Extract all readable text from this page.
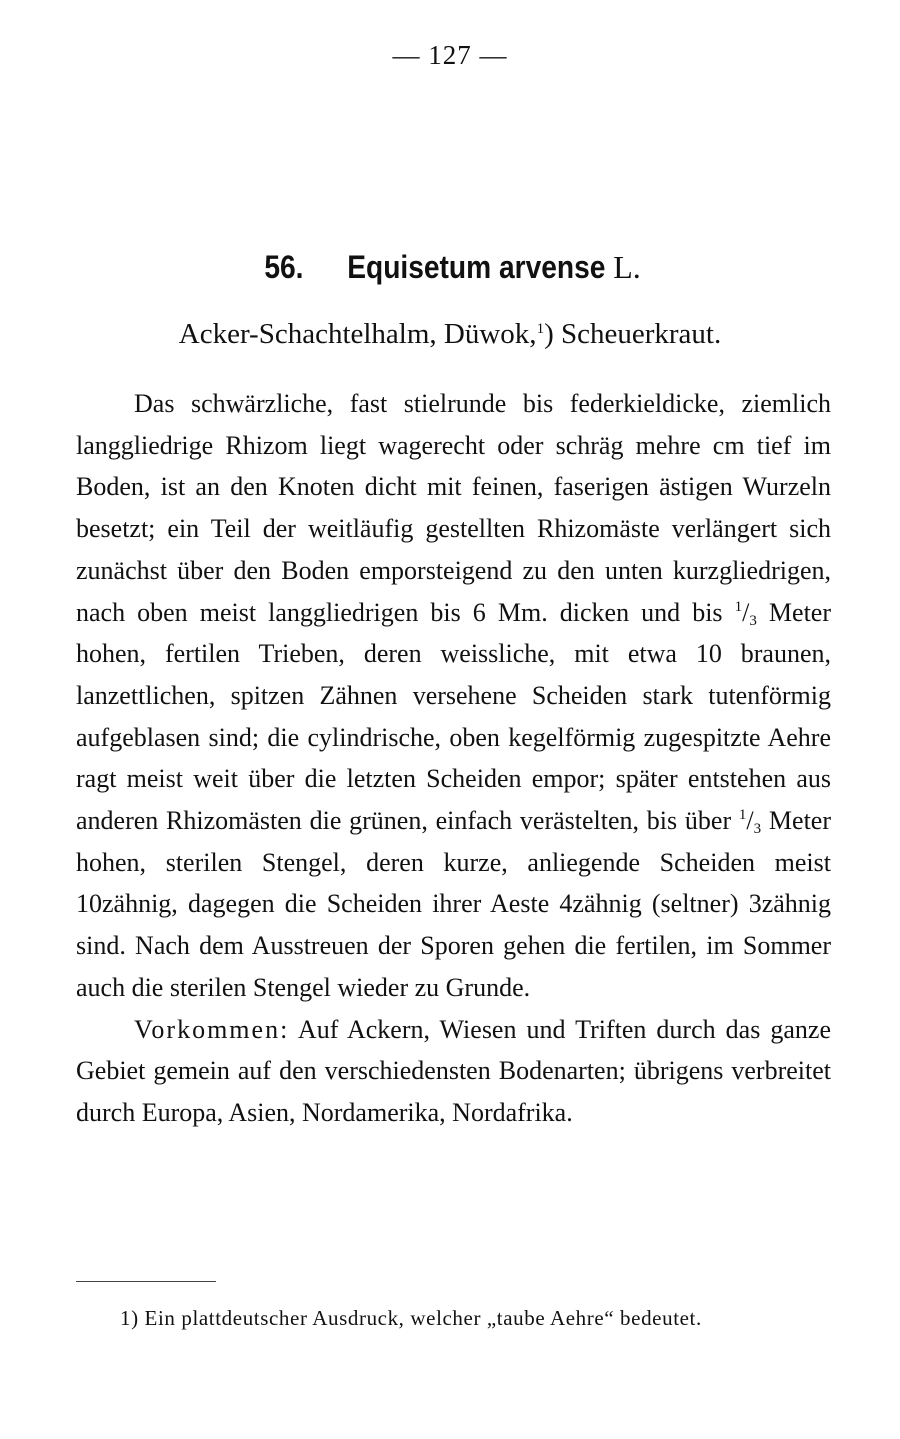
— 127 —
56. Equisetum arvense L.
Acker-Schachtelhalm, Düwok,$^1$) Scheuerkraut.

Das schwärzliche, fast stielrunde bis federkieldicke, ziemlich langgliedrige Rhizom liegt wagerecht oder schräg mehre cm tief im Boden, ist an den Knoten dicht mit feinen, faserigen ästigen Wurzeln besetzt; ein Teil der weitläufig gestellten Rhizomäste verlängert sich zunächst über den Boden emporsteigend zu den unten kurzgliedrigen, nach oben meist langgliedrigen bis 6 Mm. dicken und bis $^1$/3 Meter hohen, fertilen Trieben, deren weissliche, mit etwa 10 braunen, lanzettlichen, spitzen Zähnen versehene Scheiden stark tutenförmig aufgeblasen sind; die cylindrische, oben kegelförmig zugespitzte Aehre ragt meist weit über die letzten Scheiden empor; später entstehen aus anderen Rhizomästen die grünen, einfach verästelten, bis über $^1$/3 Meter hohen, sterilen Stengel, deren kurze, anliegende Scheiden meist 10zähnig, dagegen die Scheiden ihrer Aeste 4zähnig (seltner) 3zähnig sind. Nach dem Ausstreuen der Sporen gehen die fertilen, im Sommer auch die sterilen Stengel wieder zu Grunde.

Vorkommen: Auf Ackern, Wiesen und Triften durch das ganze Gebiet gemein auf den verschiedensten Bodenarten; übrigens verbreitet durch Europa, Asien, Nordamerika, Nordafrika.

1) Ein plattdeutscher Ausdruck, welcher „taube Aehre“ bedeutet.
